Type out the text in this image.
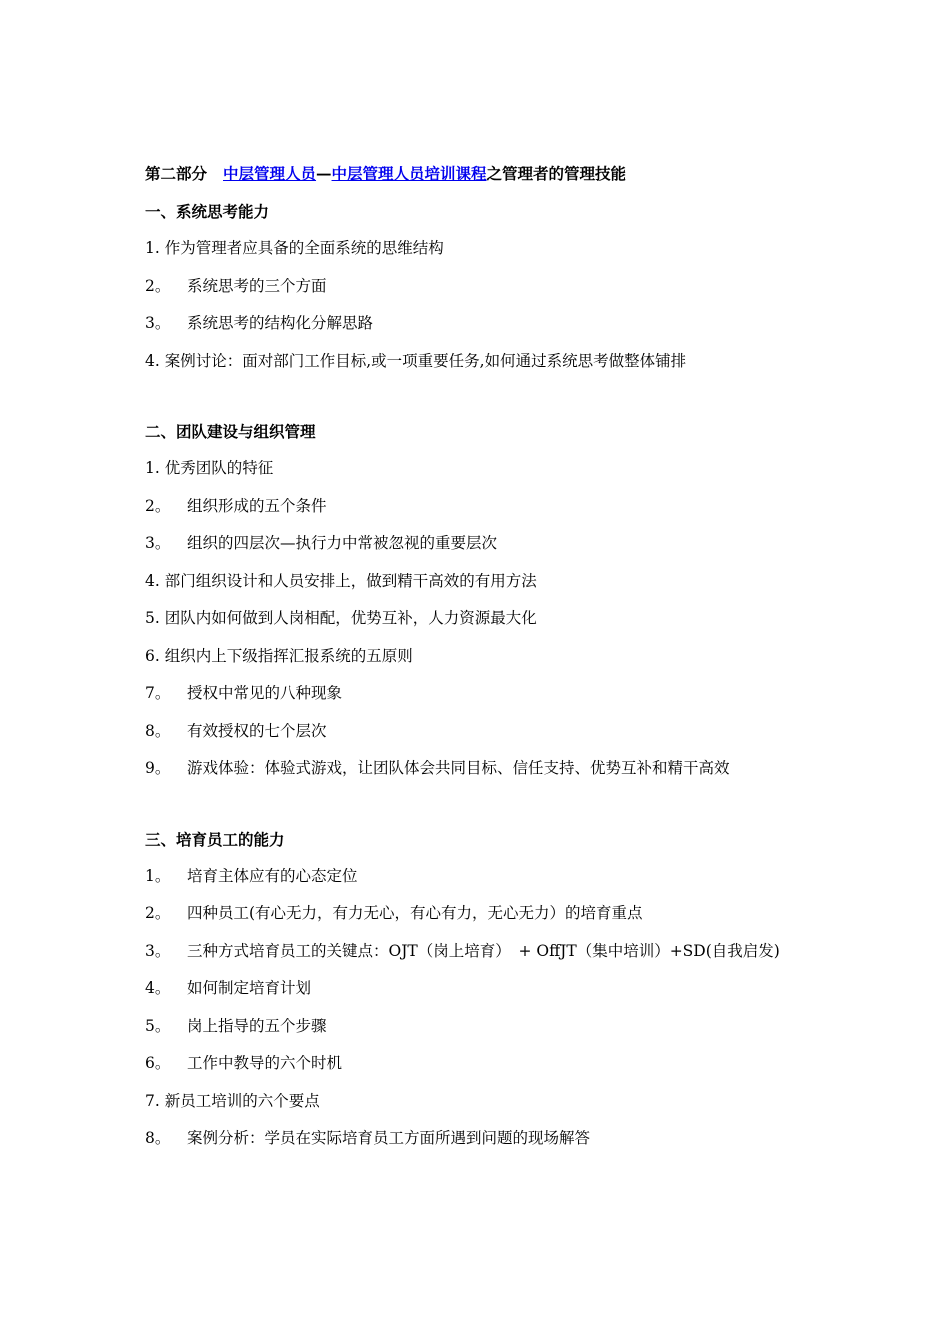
第二部分 中层管理人员—中层管理人员培训课程之管理者的管理技能
一、系统思考能力

1. 作为管理者应具备的全面系统的思维结构

2。 系统思考的三个方面

3。 系统思考的结构化分解思路

4. 案例讨论：面对部门工作目标,或一项重要任务,如何通过系统思考做整体铺排

二、团队建设与组织管理

1. 优秀团队的特征

2。 组织形成的五个条件

3。 组织的四层次—执行力中常被忽视的重要层次

4. 部门组织设计和人员安排上，做到精干高效的有用方法

5. 团队内如何做到人岗相配，优势互补，人力资源最大化

6. 组织内上下级指挥汇报系统的五原则

7。 授权中常见的八种现象

8。 有效授权的七个层次

9。 游戏体验：体验式游戏，让团队体会共同目标、信任支持、优势互补和精干高效

三、培育员工的能力

1。 培育主体应有的心态定位

2。 四种员工(有心无力，有力无心，有心有力，无心无力）的培育重点

3。 三种方式培育员工的关键点：OJT（岗上培育）　+ OffJT（集中培训）+SD(自我启发)

4。 如何制定培育计划

5。 岗上指导的五个步骤

6。 工作中教导的六个时机

7. 新员工培训的六个要点

8。 案例分析：学员在实际培育员工方面所遇到问题的现场解答
